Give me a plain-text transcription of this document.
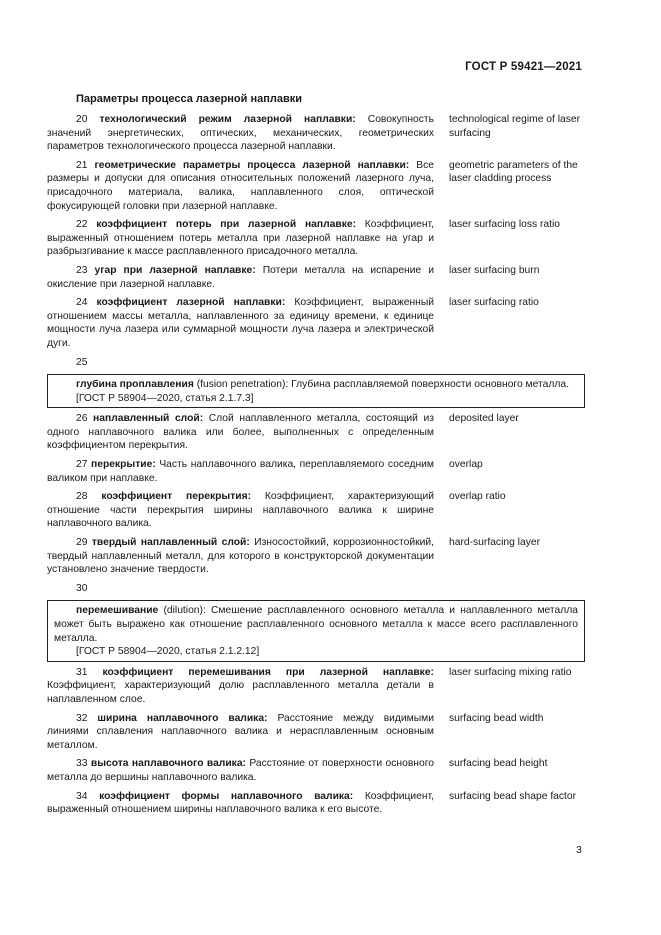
ГОСТ Р 59421—2021
Параметры процесса лазерной наплавки
20 технологический режим лазерной наплавки: Совокупность значений энергетических, оптических, механических, геометрических параметров технологического процесса лазерной наплавки.
technological regime of laser surfacing
21 геометрические параметры процесса лазерной наплавки: Все размеры и допуски для описания относительных положений лазерного луча, присадочного материала, валика, наплавленного слоя, оптической фокусирующей головки при лазерной наплавке.
geometric parameters of the laser cladding process
22 коэффициент потерь при лазерной наплавке: Коэффициент, выраженный отношением потерь металла при лазерной наплавке на угар и разбрызгивание к массе расплавленного присадочного металла.
laser surfacing loss ratio
23 угар при лазерной наплавке: Потери металла на испарение и окисление при лазерной наплавке.
laser surfacing burn
24 коэффициент лазерной наплавки: Коэффициент, выраженный отношением массы металла, наплавленного за единицу времени, к единице мощности луча лазера или суммарной мощности луча лазера и электрической дуги.
laser surfacing ratio
25
глубина проплавления (fusion penetration): Глубина расплавляемой поверхности основного металла.
[ГОСТ Р 58904—2020, статья 2.1.7.3]
26 наплавленный слой: Слой наплавленного металла, состоящий из одного наплавочного валика или более, выполненных с определенным коэффициентом перекрытия.
deposited layer
27 перекрытие: Часть наплавочного валика, переплавляемого соседним валиком при наплавке.
overlap
28 коэффициент перекрытия: Коэффициент, характеризующий отношение части перекрытия ширины наплавочного валика к ширине наплавочного валика.
overlap ratio
29 твердый наплавленный слой: Износостойкий, коррозионностойкий, твердый наплавленный металл, для которого в конструкторской документации установлено значение твердости.
hard-surfacing layer
30
перемешивание (dilution): Смешение расплавленного основного металла и наплавленного металла может быть выражено как отношение расплавленного основного металла к массе всего расплавленного металла.
[ГОСТ Р 58904—2020, статья 2.1.2.12]
31 коэффициент перемешивания при лазерной наплавке: Коэффициент, характеризующий долю расплавленного металла детали в наплавленном слое.
laser surfacing mixing ratio
32 ширина наплавочного валика: Расстояние между видимыми линиями сплавления наплавочного валика и нерасплавленным основным металлом.
surfacing bead width
33 высота наплавочного валика: Расстояние от поверхности основного металла до вершины наплавочного валика.
surfacing bead height
34 коэффициент формы наплавочного валика: Коэффициент, выраженный отношением ширины наплавочного валика к его высоте.
surfacing bead shape factor
3
